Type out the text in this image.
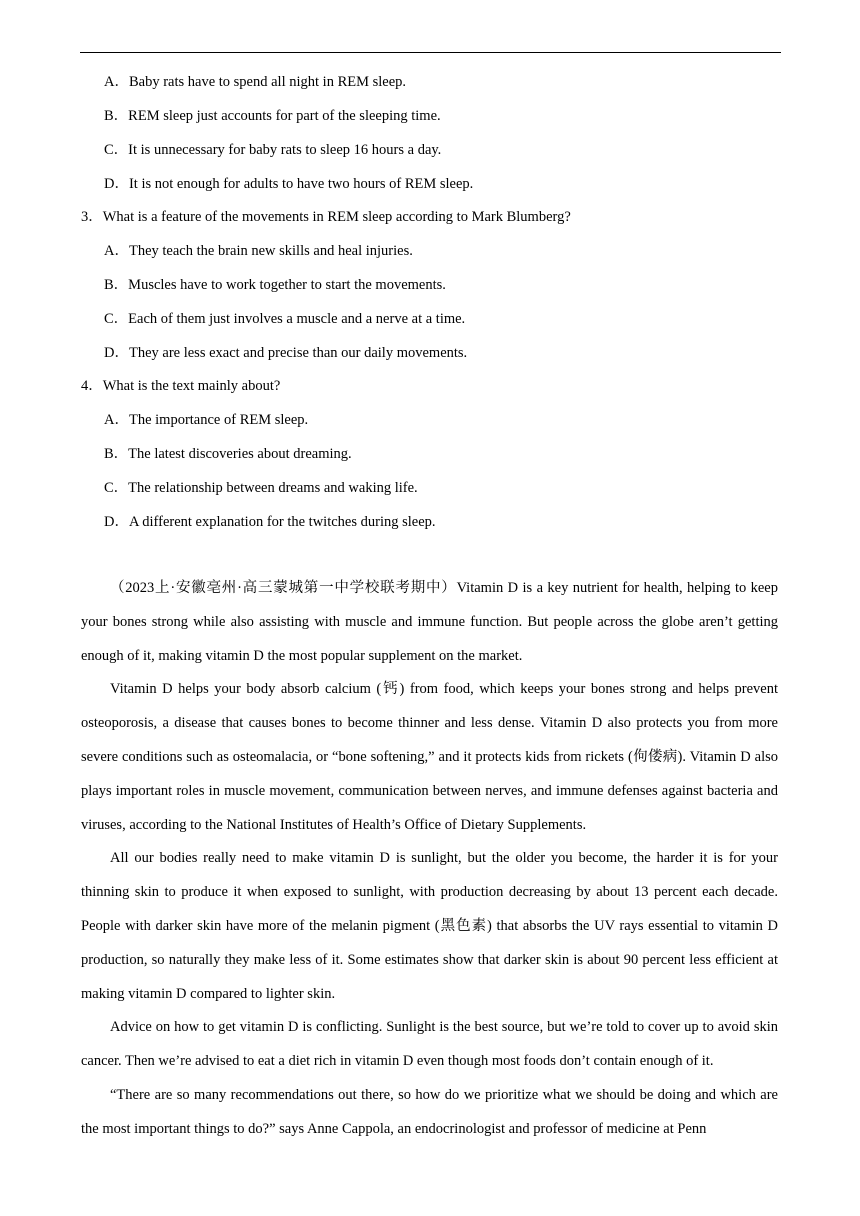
A．Baby rats have to spend all night in REM sleep.
B．REM sleep just accounts for part of the sleeping time.
C．It is unnecessary for baby rats to sleep 16 hours a day.
D．It is not enough for adults to have two hours of REM sleep.
3．What is a feature of the movements in REM sleep according to Mark Blumberg?
A．They teach the brain new skills and heal injuries.
B．Muscles have to work together to start the movements.
C．Each of them just involves a muscle and a nerve at a time.
D．They are less exact and precise than our daily movements.
4．What is the text mainly about?
A．The importance of REM sleep.
B．The latest discoveries about dreaming.
C．The relationship between dreams and waking life.
D．A different explanation for the twitches during sleep.

（2023上·安徽亳州·高三蒙城第一中学校联考期中）Vitamin D is a key nutrient for health, helping to keep your bones strong while also assisting with muscle and immune function. But people across the globe aren’t getting enough of it, making vitamin D the most popular supplement on the market.

Vitamin D helps your body absorb calcium (钙) from food, which keeps your bones strong and helps prevent osteoporosis, a disease that causes bones to become thinner and less dense. Vitamin D also protects you from more severe conditions such as osteomalacia, or “bone softening,” and it protects kids from rickets (佝偻病). Vitamin D also plays important roles in muscle movement, communication between nerves, and immune defenses against bacteria and viruses, according to the National Institutes of Health’s Office of Dietary Supplements.

All our bodies really need to make vitamin D is sunlight, but the older you become, the harder it is for your thinning skin to produce it when exposed to sunlight, with production decreasing by about 13 percent each decade. People with darker skin have more of the melanin pigment (黑色素) that absorbs the UV rays essential to vitamin D production, so naturally they make less of it. Some estimates show that darker skin is about 90 percent less efficient at making vitamin D compared to lighter skin.

Advice on how to get vitamin D is conflicting. Sunlight is the best source, but we’re told to cover up to avoid skin cancer. Then we’re advised to eat a diet rich in vitamin D even though most foods don’t contain enough of it.

“There are so many recommendations out there, so how do we prioritize what we should be doing and which are the most important things to do?” says Anne Cappola, an endocrinologist and professor of medicine at Penn
